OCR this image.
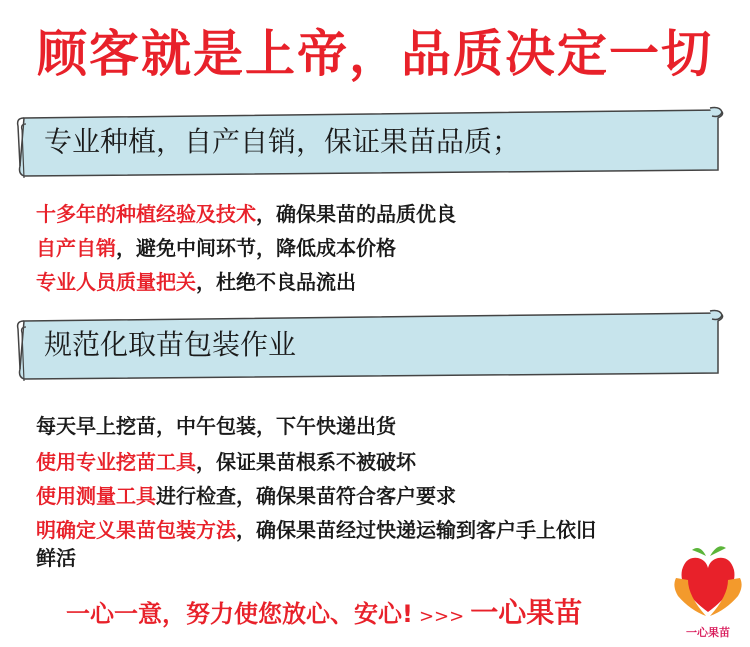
顾客就是上帝，品质决定一切
专业种植，自产自销，保证果苗品质；
十多年的种植经验及技术，确保果苗的品质优良
自产自销，避免中间环节，降低成本价格
专业人员质量把关，杜绝不良品流出
规范化取苗包装作业
每天早上挖苗，中午包装，下午快递出货
使用专业挖苗工具，保证果苗根系不被破坏
使用测量工具进行检查，确保果苗符合客户要求
明确定义果苗包装方法，确保果苗经过快递运输到客户手上依旧
鲜活
一心一意，努力使您放心、安心! >>> 一心果苗
一心果苗
